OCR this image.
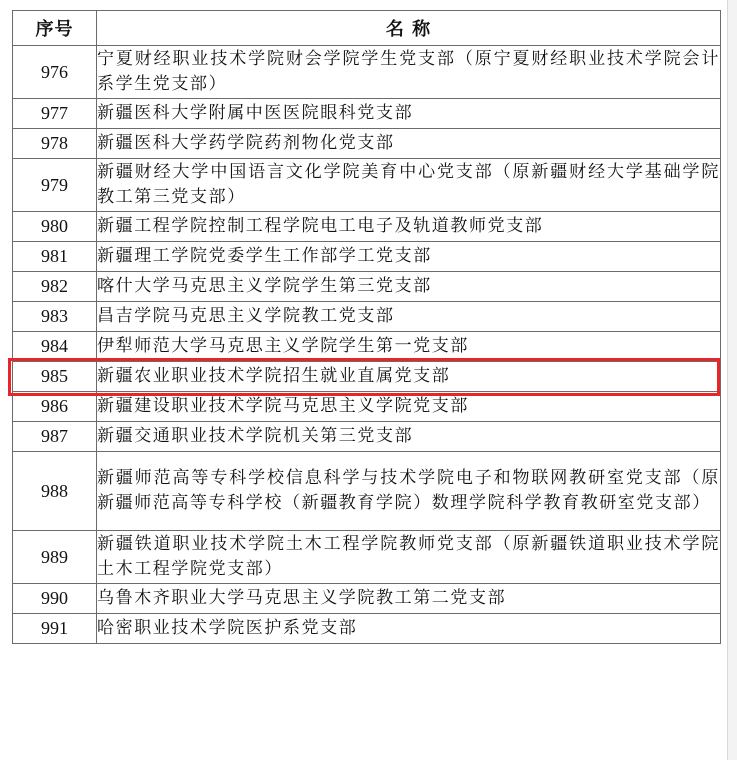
序号	名 称
976	宁夏财经职业技术学院财会学院学生党支部（原宁夏财经职业技术学院会计系学生党支部）
977	新疆医科大学附属中医医院眼科党支部
978	新疆医科大学药学院药剂物化党支部
979	新疆财经大学中国语言文化学院美育中心党支部（原新疆财经大学基础学院教工第三党支部）
980	新疆工程学院控制工程学院电工电子及轨道教师党支部
981	新疆理工学院党委学生工作部学工党支部
982	喀什大学马克思主义学院学生第三党支部
983	昌吉学院马克思主义学院教工党支部
984	伊犁师范大学马克思主义学院学生第一党支部
985	新疆农业职业技术学院招生就业直属党支部
986	新疆建设职业技术学院马克思主义学院党支部
987	新疆交通职业技术学院机关第三党支部
988	新疆师范高等专科学校信息科学与技术学院电子和物联网教研室党支部（原新疆师范高等专科学校（新疆教育学院）数理学院科学教育教研室党支部）
989	新疆铁道职业技术学院土木工程学院教师党支部（原新疆铁道职业技术学院土木工程学院党支部）
990	乌鲁木齐职业大学马克思主义学院教工第二党支部
991	哈密职业技术学院医护系党支部
